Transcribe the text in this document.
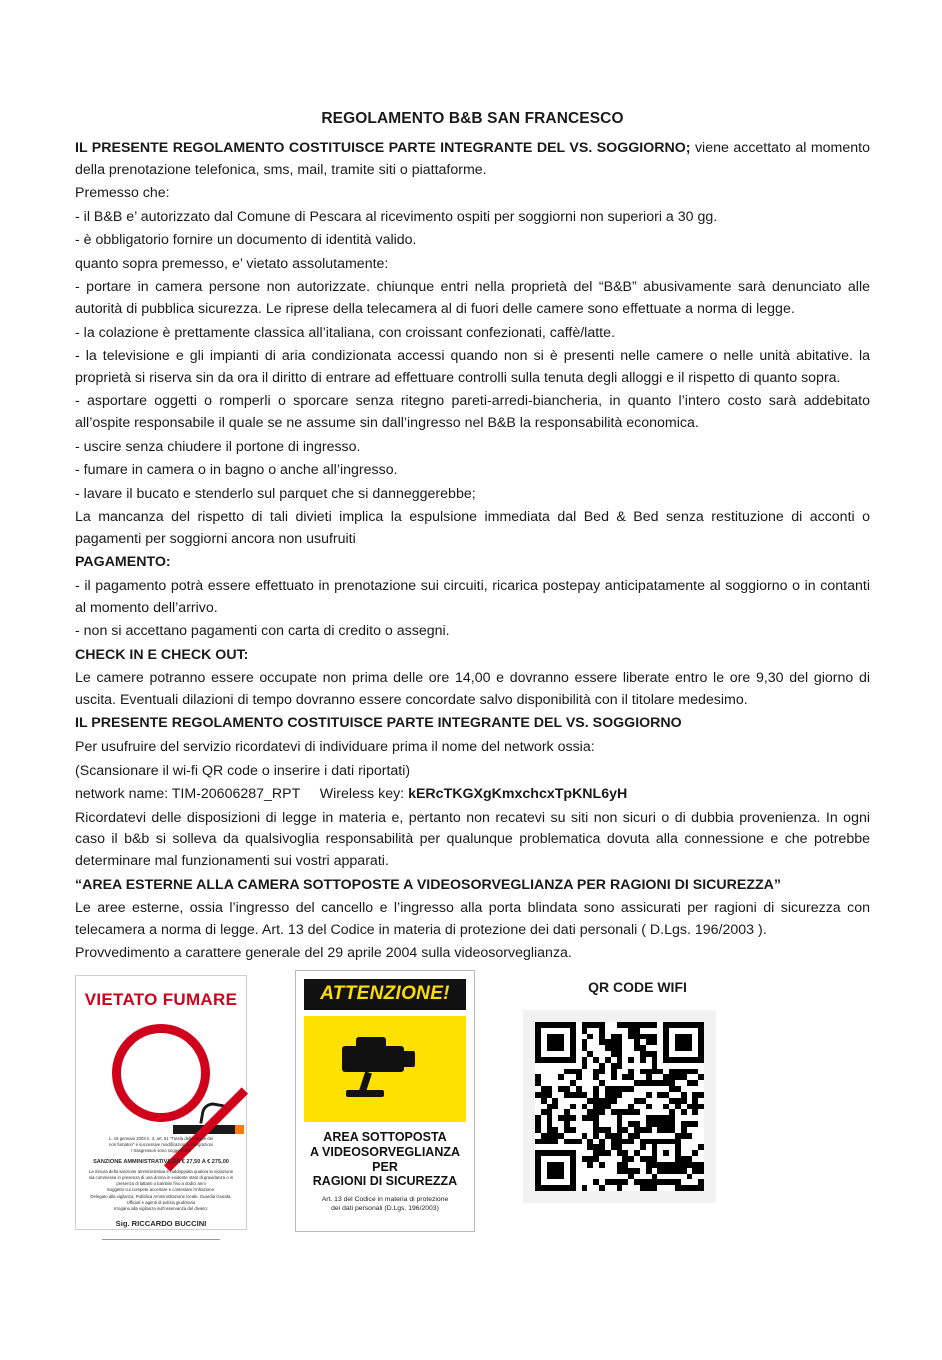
REGOLAMENTO B&B SAN FRANCESCO

IL PRESENTE REGOLAMENTO COSTITUISCE PARTE INTEGRANTE DEL VS. SOGGIORNO; viene accettato al momento della prenotazione telefonica, sms, mail, tramite siti o piattaforme.

Premesso che:

- il B&B e’ autorizzato dal Comune di Pescara al ricevimento ospiti per soggiorni non superiori a 30 gg.

- è obbligatorio fornire un documento di identità valido.

quanto sopra premesso, e’ vietato assolutamente:

- portare in camera persone non autorizzate. chiunque entri nella proprietà del “B&B” abusivamente sarà denunciato alle autorità di pubblica sicurezza. Le riprese della telecamera al di fuori delle camere sono effettuate a norma di legge.

- la colazione è prettamente classica all’italiana, con croissant confezionati, caffè/latte.

- la televisione e gli impianti di aria condizionata accessi quando non si è presenti nelle camere o nelle unità abitative. la proprietà si riserva sin da ora il diritto di entrare ad effettuare controlli sulla tenuta degli alloggi e il rispetto di quanto sopra.

- asportare oggetti o romperli o sporcare senza ritegno pareti-arredi-biancheria, in quanto l’intero costo sarà addebitato all’ospite responsabile il quale se ne assume sin dall’ingresso nel B&B la responsabilità economica.

- uscire senza chiudere il portone di ingresso.

- fumare in camera o in bagno o anche all’ingresso.

- lavare il bucato e stenderlo sul parquet che si danneggerebbe;

La mancanza del rispetto di tali divieti implica la espulsione immediata dal Bed & Bed senza restituzione di acconti o pagamenti per soggiorni ancora non usufruiti

PAGAMENTO:

- il pagamento potrà essere effettuato in prenotazione sui circuiti, ricarica postepay anticipatamente al soggiorno o in contanti al momento dell’arrivo.

- non si accettano pagamenti con carta di credito o assegni.

CHECK IN E CHECK OUT:

Le camere potranno essere occupate non prima delle ore 14,00 e dovranno essere liberate entro le ore 9,30 del giorno di uscita. Eventuali dilazioni di tempo dovranno essere concordate salvo disponibilità con il titolare medesimo.

IL PRESENTE REGOLAMENTO COSTITUISCE PARTE INTEGRANTE DEL VS. SOGGIORNO

Per usufruire del servizio ricordatevi di individuare prima il nome del network ossia:

(Scansionare il wi-fi QR code o inserire i dati riportati)

network name: TIM-20606287_RPT Wireless key: kERcTKGXgKmxchcxTpKNL6yH

Ricordatevi delle disposizioni di legge in materia e, pertanto non recatevi su siti non sicuri o di dubbia provenienza. In ogni caso il b&b si solleva da qualsivoglia responsabilità per qualunque problematica dovuta alla connessione e che potrebbe determinare mal funzionamenti sui vostri apparati.

“AREA ESTERNE ALLA CAMERA SOTTOPOSTE A VIDEOSORVEGLIANZA PER RAGIONI DI SICUREZZA”

Le aree esterne, ossia l’ingresso del cancello e l’ingresso alla porta blindata sono assicurati per ragioni di sicurezza con telecamera a norma di legge. Art. 13 del Codice in materia di protezione dei dati personali ( D.Lgs. 196/2003 ).

Provvedimento a carattere generale del 29 aprile 2004 sulla videosorveglianza.

QR CODE WIFI

VIETATO FUMARE
L. 16 gennaio 2003 n. 3, art. 51 "Tutela della salute dei
non fumatori" e successive modificazioni e integrazioni
I trasgressori sono soggetti alla
SANZIONE AMMINISTRATIVA DA € 27,50 A € 275,00
La misura della sanzione amministrativa è raddoppiata qualora la violazione sia commessa in presenza di una donna in evidente stato di gravidanza o in presenza di lattanti o bambini fino a dodici anni
Soggetto cui compete accertare e contestare l'infrazione:
Delegato alla vigilanza, Pubblica Amministrazione locale, Guardia Giurata, Ufficiali e agenti di polizia giudiziaria
Irrogano alla vigilanza sull'osservanza del divieto:
Sig. RICCARDO BUCCINI
ATTENZIONE!
AREA SOTTOPOSTA
A VIDEOSORVEGLIANZA
PER
RAGIONI DI SICUREZZA
Art. 13 del Codice in materia di protezione
dei dati personali (D.Lgs. 196/2003)
